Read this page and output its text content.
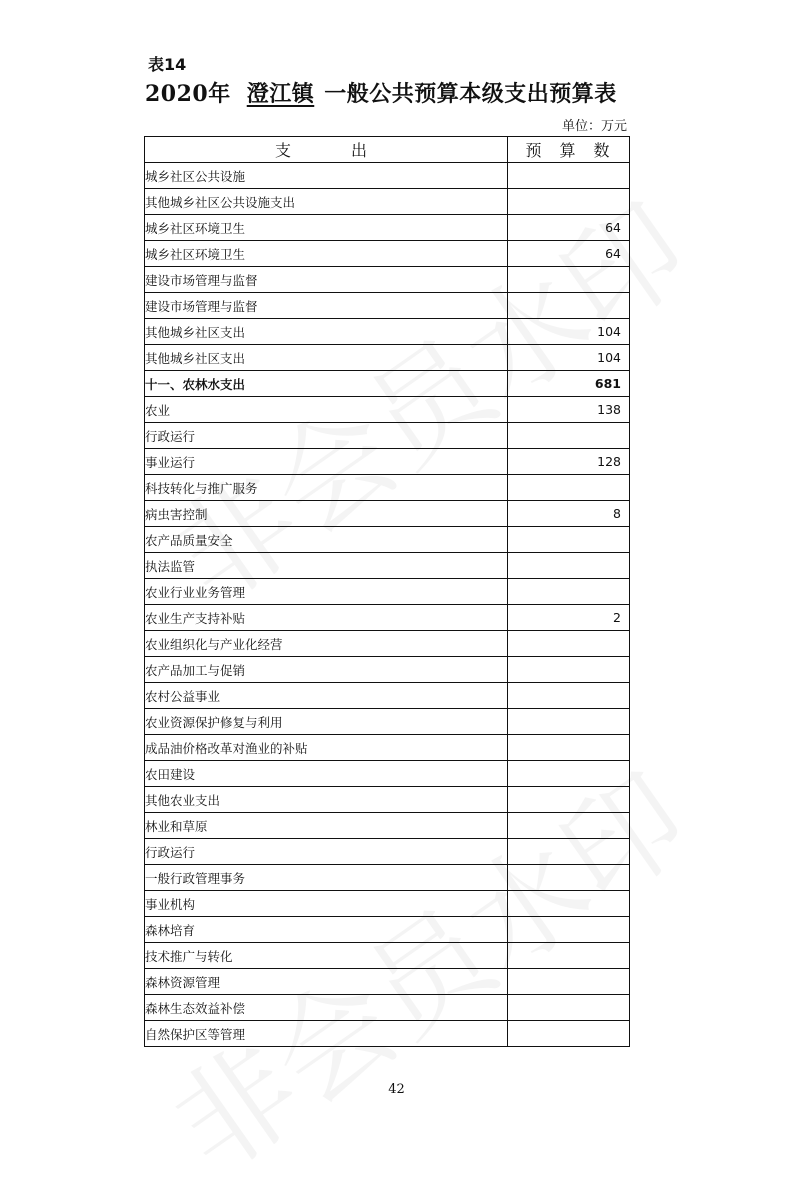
表14
2020年 澄江镇 一般公共预算本级支出预算表
单位：万元
支出	预算数
城乡社区公共设施	
其他城乡社区公共设施支出	
城乡社区环境卫生	64
城乡社区环境卫生	64
建设市场管理与监督	
建设市场管理与监督	
其他城乡社区支出	104
其他城乡社区支出	104
十一、农林水支出	681
农业	138
行政运行	
事业运行	128
科技转化与推广服务	
病虫害控制	8
农产品质量安全	
执法监管	
农业行业业务管理	
农业生产支持补贴	2
农业组织化与产业化经营	
农产品加工与促销	
农村公益事业	
农业资源保护修复与利用	
成品油价格改革对渔业的补贴	
农田建设	
其他农业支出	
林业和草原	
行政运行	
一般行政管理事务	
事业机构	
森林培育	
技术推广与转化	
森林资源管理	
森林生态效益补偿	
自然保护区等管理	
42
